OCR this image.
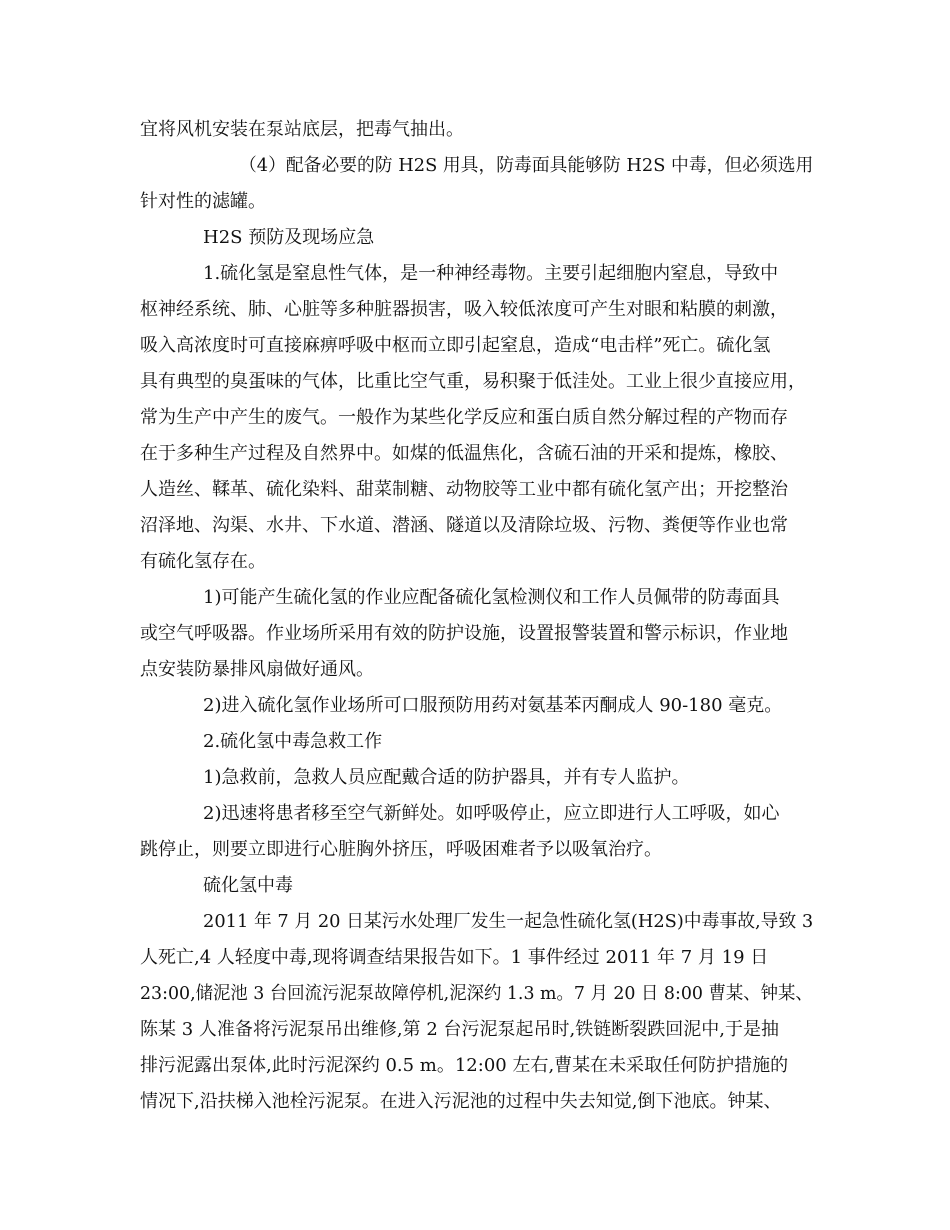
宜将风机安装在泵站底层，把毒气抽出。
（4）配备必要的防 H2S 用具，防毒面具能够防 H2S 中毒，但必须选用
针对性的滤罐。
H2S 预防及现场应急
1.硫化氢是窒息性气体，是一种神经毒物。主要引起细胞内窒息，导致中
枢神经系统、肺、心脏等多种脏器损害，吸入较低浓度可产生对眼和粘膜的刺激，
吸入高浓度时可直接麻痹呼吸中枢而立即引起窒息，造成“电击样”死亡。硫化氢
具有典型的臭蛋味的气体，比重比空气重，易积聚于低洼处。工业上很少直接应用，
常为生产中产生的废气。一般作为某些化学反应和蛋白质自然分解过程的产物而存
在于多种生产过程及自然界中。如煤的低温焦化，含硫石油的开采和提炼，橡胶、
人造丝、鞣革、硫化染料、甜菜制糖、动物胶等工业中都有硫化氢产出；开挖整治
沼泽地、沟渠、水井、下水道、潜涵、隧道以及清除垃圾、污物、粪便等作业也常
有硫化氢存在。
1)可能产生硫化氢的作业应配备硫化氢检测仪和工作人员佩带的防毒面具
或空气呼吸器。作业场所采用有效的防护设施，设置报警装置和警示标识，作业地
点安装防暴排风扇做好通风。
2)进入硫化氢作业场所可口服预防用药对氨基苯丙酮成人 90-180 毫克。
2.硫化氢中毒急救工作
1)急救前，急救人员应配戴合适的防护器具，并有专人监护。
2)迅速将患者移至空气新鲜处。如呼吸停止，应立即进行人工呼吸，如心
跳停止，则要立即进行心脏胸外挤压，呼吸困难者予以吸氧治疗。
硫化氢中毒
2011 年 7 月 20 日某污水处理厂发生一起急性硫化氢(H2S)中毒事故,导致 3
人死亡,4 人轻度中毒,现将调查结果报告如下。1 事件经过 2011 年 7 月 19 日
23:00,储泥池 3 台回流污泥泵故障停机,泥深约 1.3 m。7 月 20 日 8:00 曹某、钟某、
陈某 3 人准备将污泥泵吊出维修,第 2 台污泥泵起吊时,铁链断裂跌回泥中,于是抽
排污泥露出泵体,此时污泥深约 0.5 m。12:00 左右,曹某在未采取任何防护措施的
情况下,沿扶梯入池栓污泥泵。在进入污泥池的过程中失去知觉,倒下池底。钟某、
